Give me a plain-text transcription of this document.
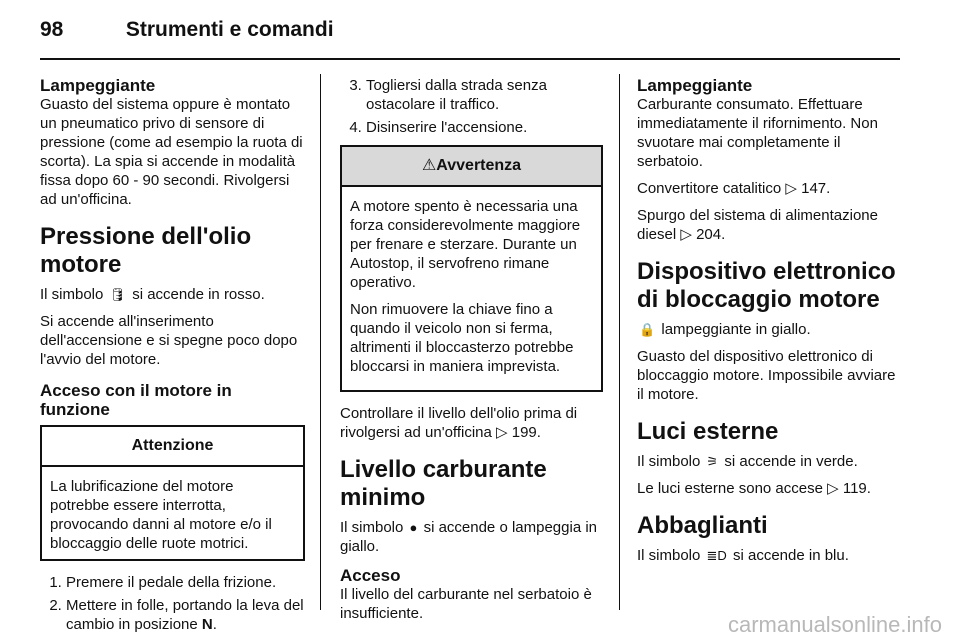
98	Strumenti e comandi

Lampeggiante

Guasto del sistema oppure è montato un pneumatico privo di sensore di pressione (come ad esempio la ruota di scorta). La spia si accende in modalità fissa dopo 60 - 90 secondi. Rivolgersi ad un'officina.

Pressione dell'olio motore

Il simbolo 🛢 si accende in rosso.

Si accende all'inserimento dell'accensione e si spegne poco dopo l'avvio del motore.

Acceso con il motore in funzione

Attenzione
La lubrificazione del motore potrebbe essere interrotta, provocando danni al motore e/o il bloccaggio delle ruote motrici.
1. Premere il pedale della frizione.
2. Mettere in folle, portando la leva del cambio in posizione N.
3. Togliersi dalla strada senza ostacolare il traffico.
4. Disinserire l'accensione.
⚠Avvertenza

A motore spento è necessaria una forza considerevolmente maggiore per frenare e sterzare. Durante un Autostop, il servofreno rimane operativo.

Non rimuovere la chiave fino a quando il veicolo non si ferma, altrimenti il bloccasterzo potrebbe bloccarsi in maniera imprevista.

Controllare il livello dell'olio prima di rivolgersi ad un'officina ▷ 199.

Livello carburante minimo

Il simbolo ● si accende o lampeggia in giallo.

Acceso

Il livello del carburante nel serbatoio è insufficiente.

Lampeggiante

Carburante consumato. Effettuare immediatamente il rifornimento. Non svuotare mai completamente il serbatoio.

Convertitore catalitico ▷ 147.

Spurgo del sistema di alimentazione diesel ▷ 204.

Dispositivo elettronico di bloccaggio motore

🔒 lampeggiante in giallo.

Guasto del dispositivo elettronico di bloccaggio motore. Impossibile avviare il motore.

Luci esterne

Il simbolo ⚞ si accende in verde.

Le luci esterne sono accese ▷ 119.

Abbaglianti

Il simbolo ≣D si accende in blu.

carmanualsonline.info
